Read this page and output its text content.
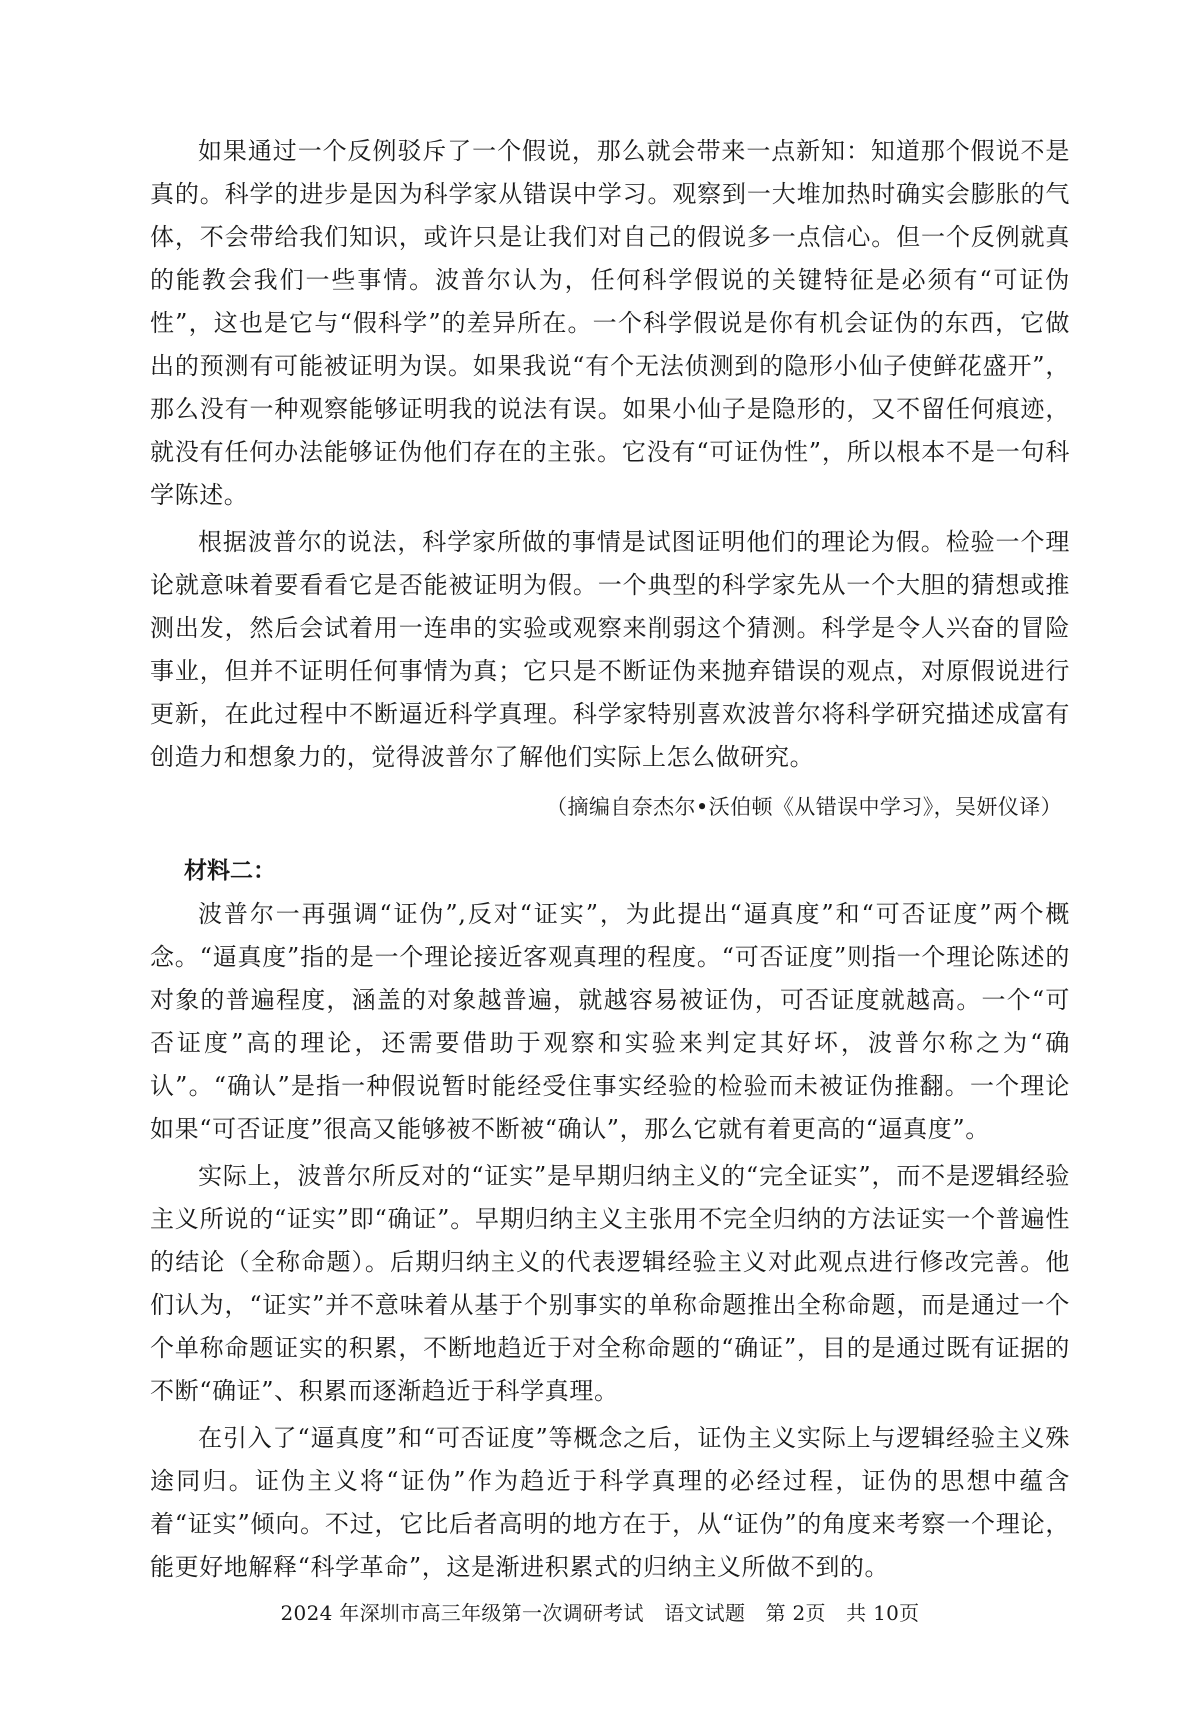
如果通过一个反例驳斥了一个假说，那么就会带来一点新知：知道那个假说不是真的。科学的进步是因为科学家从错误中学习。观察到一大堆加热时确实会膨胀的气体，不会带给我们知识，或许只是让我们对自己的假说多一点信心。但一个反例就真的能教会我们一些事情。波普尔认为，任何科学假说的关键特征是必须有“可证伪性”，这也是它与“假科学”的差异所在。一个科学假说是你有机会证伪的东西，它做出的预测有可能被证明为误。如果我说“有个无法侦测到的隐形小仙子使鲜花盛开”，那么没有一种观察能够证明我的说法有误。如果小仙子是隐形的，又不留任何痕迹，就没有任何办法能够证伪他们存在的主张。它没有“可证伪性”，所以根本不是一句科学陈述。

根据波普尔的说法，科学家所做的事情是试图证明他们的理论为假。检验一个理论就意味着要看看它是否能被证明为假。一个典型的科学家先从一个大胆的猜想或推测出发，然后会试着用一连串的实验或观察来削弱这个猜测。科学是令人兴奋的冒险事业，但并不证明任何事情为真；它只是不断证伪来抛弃错误的观点，对原假说进行更新，在此过程中不断逼近科学真理。科学家特别喜欢波普尔将科学研究描述成富有创造力和想象力的，觉得波普尔了解他们实际上怎么做研究。

（摘编自奈杰尔•沃伯顿《从错误中学习》，吴妍仪译）

材料二：

波普尔一再强调“证伪”,反对“证实”，为此提出“逼真度”和“可否证度”两个概念。“逼真度”指的是一个理论接近客观真理的程度。“可否证度”则指一个理论陈述的对象的普遍程度，涵盖的对象越普遍，就越容易被证伪，可否证度就越高。一个“可否证度”高的理论，还需要借助于观察和实验来判定其好坏，波普尔称之为“确认”。“确认”是指一种假说暂时能经受住事实经验的检验而未被证伪推翻。一个理论如果“可否证度”很高又能够被不断被“确认”，那么它就有着更高的“逼真度”。

实际上，波普尔所反对的“证实”是早期归纳主义的“完全证实”，而不是逻辑经验主义所说的“证实”即“确证”。早期归纳主义主张用不完全归纳的方法证实一个普遍性的结论（全称命题）。后期归纳主义的代表逻辑经验主义对此观点进行修改完善。他们认为，“证实”并不意味着从基于个别事实的单称命题推出全称命题，而是通过一个个单称命题证实的积累，不断地趋近于对全称命题的“确证”，目的是通过既有证据的不断“确证”、积累而逐渐趋近于科学真理。

在引入了“逼真度”和“可否证度”等概念之后，证伪主义实际上与逻辑经验主义殊途同归。证伪主义将“证伪”作为趋近于科学真理的必经过程，证伪的思想中蕴含着“证实”倾向。不过，它比后者高明的地方在于，从“证伪”的角度来考察一个理论，能更好地解释“科学革命”，这是渐进积累式的归纳主义所做不到的。

2024 年深圳市高三年级第一次调研考试　语文试题　第 2页　共 10页
